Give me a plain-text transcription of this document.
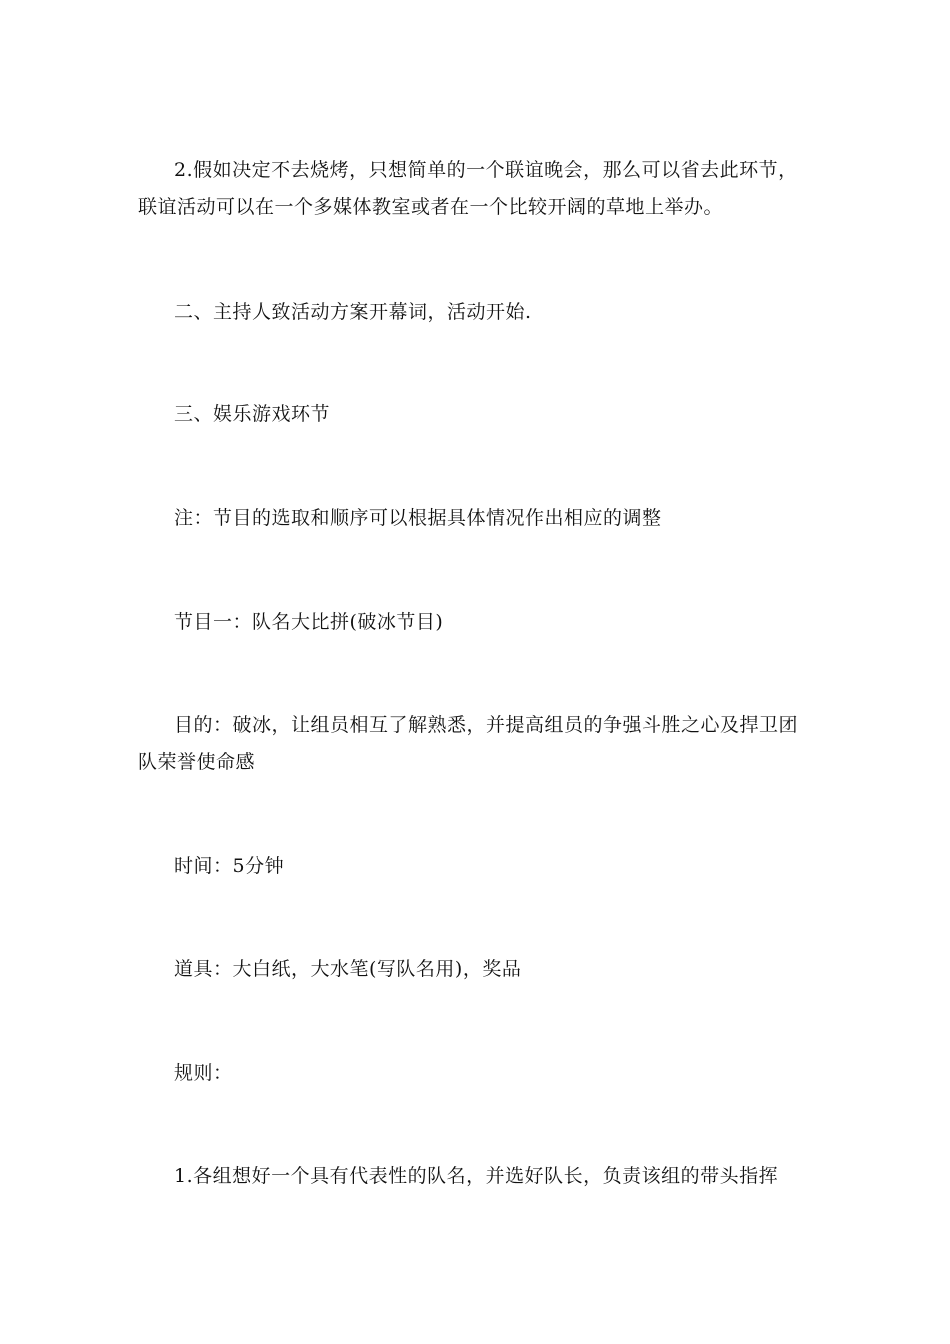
2.假如决定不去烧烤，只想简单的一个联谊晚会，那么可以省去此环节，联谊活动可以在一个多媒体教室或者在一个比较开阔的草地上举办。

二、主持人致活动方案开幕词，活动开始.

三、娱乐游戏环节

注：节目的选取和顺序可以根据具体情况作出相应的调整

节目一：队名大比拼(破冰节目)

目的：破冰，让组员相互了解熟悉，并提高组员的争强斗胜之心及捍卫团队荣誉使命感

时间：5分钟

道具：大白纸，大水笔(写队名用)，奖品

规则：

1.各组想好一个具有代表性的队名，并选好队长，负责该组的带头指挥
